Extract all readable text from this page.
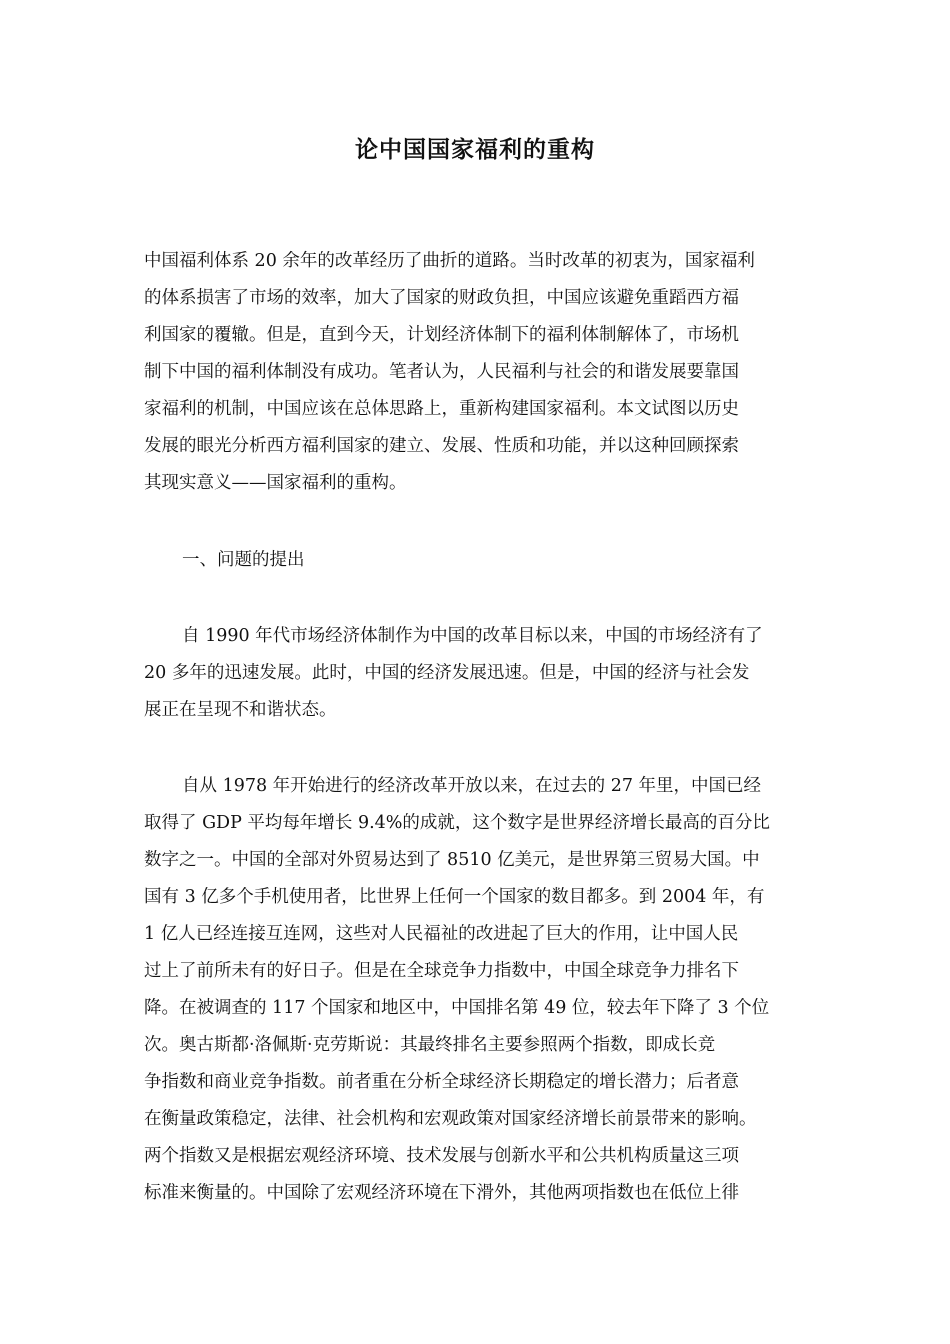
论中国国家福利的重构
中国福利体系 20 余年的改革经历了曲折的道路。当时改革的初衷为，国家福利
的体系损害了市场的效率，加大了国家的财政负担，中国应该避免重蹈西方福
利国家的覆辙。但是，直到今天，计划经济体制下的福利体制解体了，市场机
制下中国的福利体制没有成功。笔者认为，人民福利与社会的和谐发展要靠国
家福利的机制，中国应该在总体思路上，重新构建国家福利。本文试图以历史
发展的眼光分析西方福利国家的建立、发展、性质和功能，并以这种回顾探索
其现实意义——国家福利的重构。
一、问题的提出
自 1990 年代市场经济体制作为中国的改革目标以来，中国的市场经济有了
20 多年的迅速发展。此时，中国的经济发展迅速。但是，中国的经济与社会发
展正在呈现不和谐状态。
自从 1978 年开始进行的经济改革开放以来，在过去的 27 年里，中国已经
取得了 GDP 平均每年增长 9.4%的成就，这个数字是世界经济增长最高的百分比
数字之一。中国的全部对外贸易达到了 8510 亿美元，是世界第三贸易大国。中
国有 3 亿多个手机使用者，比世界上任何一个国家的数目都多。到 2004 年，有
1 亿人已经连接互连网，这些对人民福祉的改进起了巨大的作用，让中国人民
过上了前所未有的好日子。但是在全球竞争力指数中，中国全球竞争力排名下
降。在被调查的 117 个国家和地区中，中国排名第 49 位，较去年下降了 3 个位
次。奥古斯都·洛佩斯·克劳斯说：其最终排名主要参照两个指数，即成长竞
争指数和商业竞争指数。前者重在分析全球经济长期稳定的增长潜力；后者意
在衡量政策稳定，法律、社会机构和宏观政策对国家经济增长前景带来的影响。
两个指数又是根据宏观经济环境、技术发展与创新水平和公共机构质量这三项
标准来衡量的。中国除了宏观经济环境在下滑外，其他两项指数也在低位上徘
